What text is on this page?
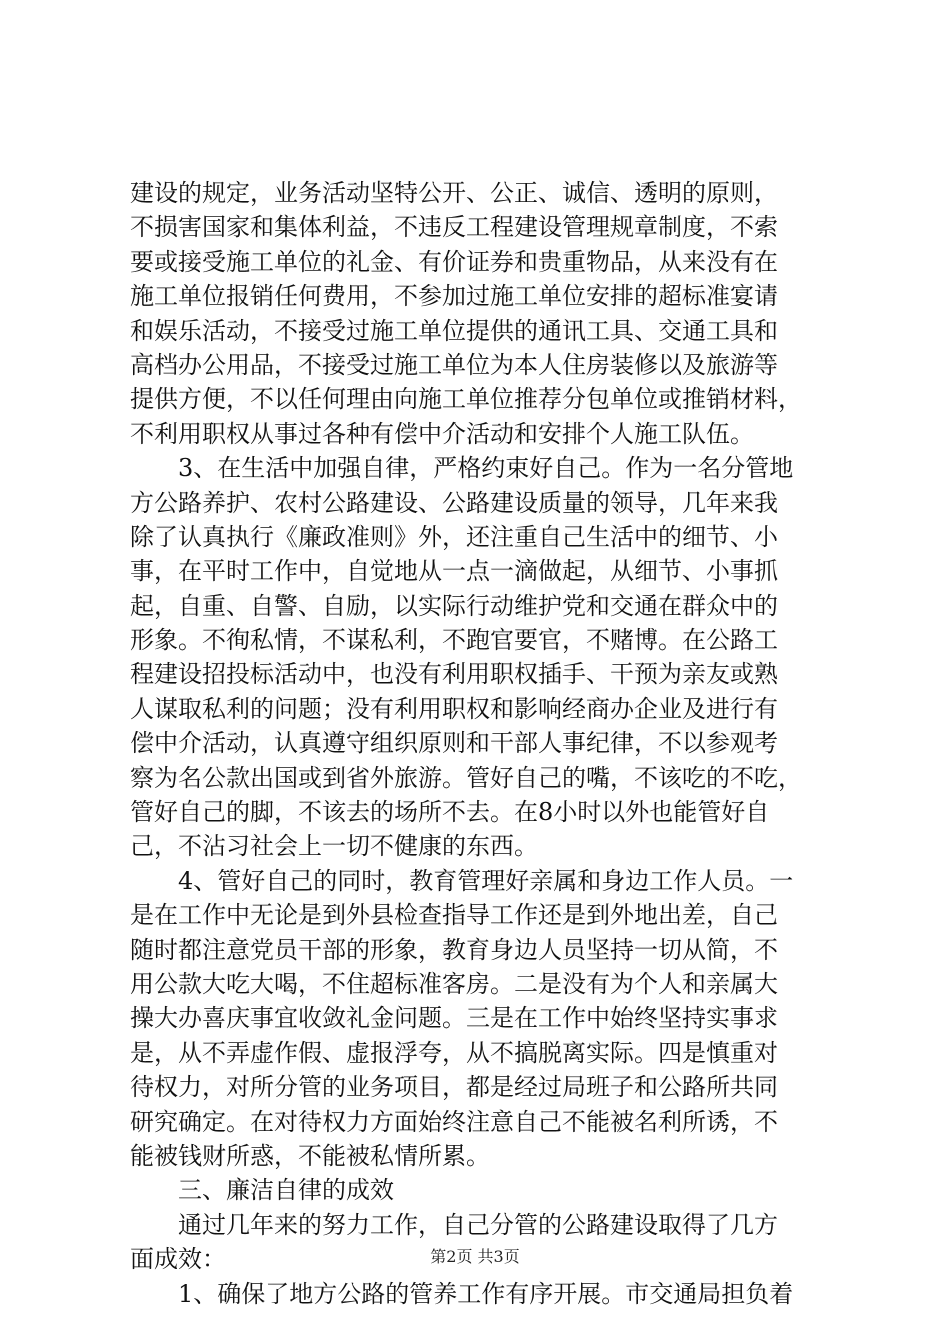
建设的规定，业务活动坚特公开、公正、诚信、透明的原则，
不损害国家和集体利益，不违反工程建设管理规章制度，不索
要或接受施工单位的礼金、有价证券和贵重物品，从来没有在
施工单位报销任何费用，不参加过施工单位安排的超标准宴请
和娱乐活动，不接受过施工单位提供的通讯工具、交通工具和
高档办公用品，不接受过施工单位为本人住房装修以及旅游等
提供方便，不以任何理由向施工单位推荐分包单位或推销材料，
不利用职权从事过各种有偿中介活动和安排个人施工队伍。
　　3、在生活中加强自律，严格约束好自己。作为一名分管地
方公路养护、农村公路建设、公路建设质量的领导，几年来我
除了认真执行《廉政准则》外，还注重自己生活中的细节、小
事，在平时工作中，自觉地从一点一滴做起，从细节、小事抓
起，自重、自警、自励，以实际行动维护党和交通在群众中的
形象。不徇私情，不谋私利，不跑官要官，不赌博。在公路工
程建设招投标活动中，也没有利用职权插手、干预为亲友或熟
人谋取私利的问题；没有利用职权和影响经商办企业及进行有
偿中介活动，认真遵守组织原则和干部人事纪律，不以参观考
察为名公款出国或到省外旅游。管好自己的嘴，不该吃的不吃，
管好自己的脚，不该去的场所不去。在8小时以外也能管好自
己，不沾习社会上一切不健康的东西。
　　4、管好自己的同时，教育管理好亲属和身边工作人员。一
是在工作中无论是到外县检查指导工作还是到外地出差，自己
随时都注意党员干部的形象，教育身边人员坚持一切从简，不
用公款大吃大喝，不住超标准客房。二是没有为个人和亲属大
操大办喜庆事宜收敛礼金问题。三是在工作中始终坚持实事求
是，从不弄虚作假、虚报浮夸，从不搞脱离实际。四是慎重对
待权力，对所分管的业务项目，都是经过局班子和公路所共同
研究确定。在对待权力方面始终注意自己不能被名利所诱，不
能被钱财所惑，不能被私情所累。
　　三、廉洁自律的成效
　　通过几年来的努力工作，自己分管的公路建设取得了几方
面成效：
　　1、确保了地方公路的管养工作有序开展。市交通局担负着
第2页 共3页
